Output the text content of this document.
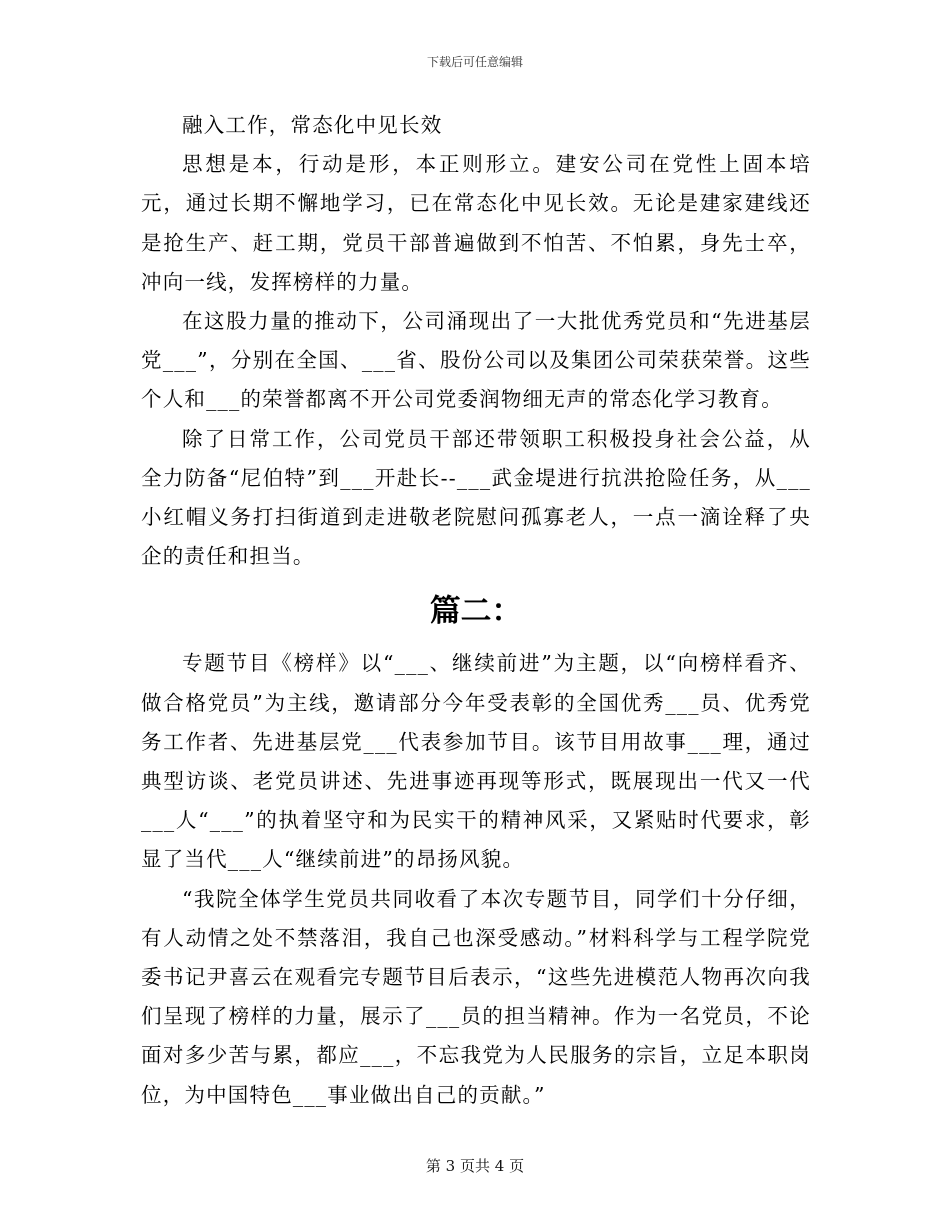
下载后可任意编辑

融入工作，常态化中见长效

思想是本，行动是形，本正则形立。建安公司在党性上固本培元，通过长期不懈地学习，已在常态化中见长效。无论是建家建线还是抢生产、赶工期，党员干部普遍做到不怕苦、不怕累，身先士卒，冲向一线，发挥榜样的力量。

在这股力量的推动下，公司涌现出了一大批优秀党员和“先进基层党___”，分别在全国、___省、股份公司以及集团公司荣获荣誉。这些个人和___的荣誉都离不开公司党委润物细无声的常态化学习教育。

除了日常工作，公司党员干部还带领职工积极投身社会公益，从全力防备“尼伯特”到___开赴长--___武金堤进行抗洪抢险任务，从___小红帽义务打扫街道到走进敬老院慰问孤寡老人，一点一滴诠释了央企的责任和担当。

篇二：

专题节目《榜样》以“___、继续前进”为主题，以“向榜样看齐、做合格党员”为主线，邀请部分今年受表彰的全国优秀___员、优秀党务工作者、先进基层党___代表参加节目。该节目用故事___理，通过典型访谈、老党员讲述、先进事迹再现等形式，既展现出一代又一代___人“___”的执着坚守和为民实干的精神风采，又紧贴时代要求，彰显了当代___人“继续前进”的昂扬风貌。

“我院全体学生党员共同收看了本次专题节目，同学们十分仔细，有人动情之处不禁落泪，我自己也深受感动。”材料科学与工程学院党委书记尹喜云在观看完专题节目后表示，“这些先进模范人物再次向我们呈现了榜样的力量，展示了___员的担当精神。作为一名党员，不论面对多少苦与累，都应___，不忘我党为人民服务的宗旨，立足本职岗位，为中国特色___事业做出自己的贡献。”

第 3 页共 4 页
